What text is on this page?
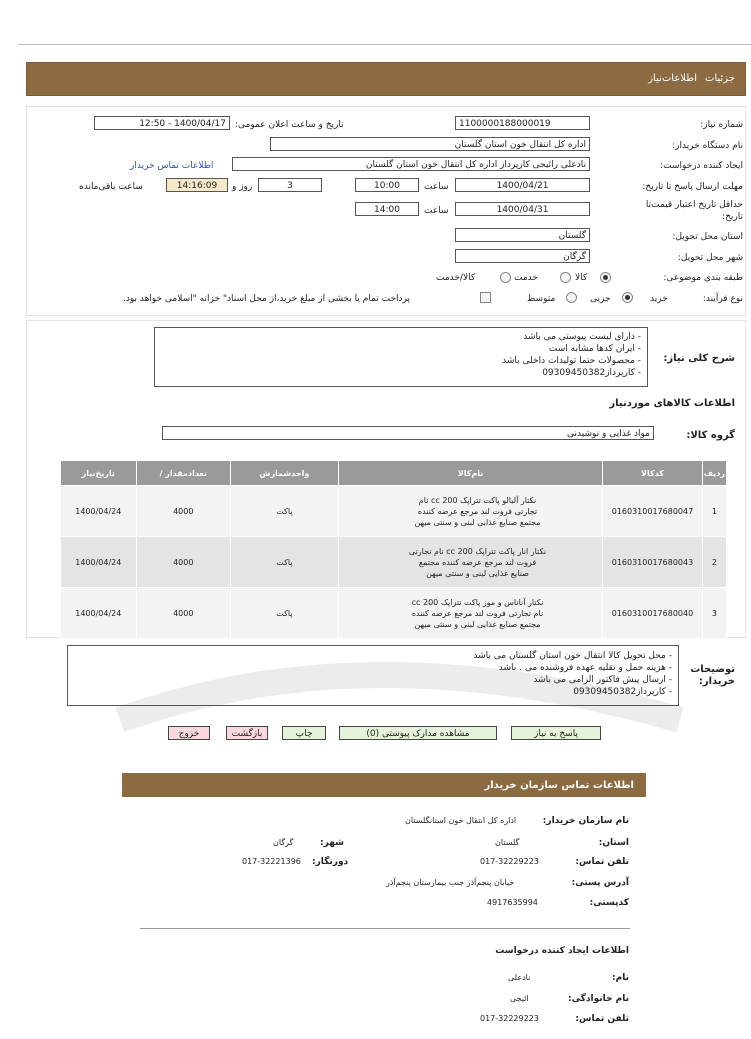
جزئیات
اطلاعات‌نیاز
شماره نیاز:
1100000188000019
تاریخ و ساعت اعلان عمومی:
1400/04/17 - 12:50
نام دستگاه خریدار:
اداره کل انتقال خون استان گلستان
ایجاد کننده درخواست:
نادعلی رائیجی کارپرداز اداره کل انتقال خون استان گلستان
اطلاعات تماس خریدار
مهلت ارسال پاسخ تا تاریخ:
1400/04/21
ساعت
10:00
3
روز و
14:16:09
ساعت باقی‌مانده
حداقل تاریخ اعتبار قیمت‌تا تاریخ:
1400/04/31
ساعت
14:00
استان محل تحویل:
گلستان
شهر محل تحویل:
گرگان
طبقه بندی موضوعی:
کالا
خدمت
کالا/خدمت
نوع فرآیند:
خرید
جزیی
متوسط
پرداخت تمام یا بخشی از مبلغ خرید،از محل اسناد" خزانه "اسلامی خواهد بود.
شرح کلی نیاز:
- دارای لیست پیوستی می باشد
- ایران کدها مشابه است
- محصولات حتما تولیدات داخلی باشد
- کارپرداز09309450382
اطلاعات کالاهای موردنیاز
گروه کالا:
مواد غذایی و نوشیدنی
ردیف	کدکالا	نام‌کالا	واحدشمارش	تعدادمقدار /	تاریخ‌نیاز
1	0160310017680047	نکتار آلبالو پاکت تتراپک 200 cc نام تجارتی فروت لند مرجع عرضه کننده مجتمع صنایع غذایی لبنی و سنتی میهن	پاکت	4000	1400/04/24
2	0160310017680043	نکتار انار پاکت تتراپک 200 cc نام تجارتی فروت لند مرجع عرضه کننده مجتمع صنایع غذایی لبنی و سنتی میهن	پاکت	4000	1400/04/24
3	0160310017680040	نکتار آناناس و موز پاکت تتراپک 200 cc نام تجارتی فروت لند مرجع عرضه کننده مجتمع صنایع غذایی لبنی و سنتی میهن	پاکت	4000	1400/04/24
توضیحات خریدار:
- محل تحویل کالا انتقال خون استان گلستان می باشد
- هزینه حمل و تقلیه عهده فروشنده می . باشد
- ارسال پیش فاکتور الزامی می باشد
- کارپرداز09309450382
پاسخ به نیاز
مشاهده مدارک پیوستی (0)
چاپ
بازگشت
خروج
اطلاعات تماس سازمان خریدار
نام سازمان خریدار:
اداره کل انتقال خون استانگلستان
استان:
گلستان
شهر:
گرگان
تلفن تماس:
017-32229223
دورنگار:
017-32221396
آدرس پستی:
خیابان پنجم‌آذر جنب بیمارستان پنجم‌آذر
کدپستی:
4917635994
اطلاعات ایجاد کننده درخواست
نام:
نادعلی
نام خانوادگی:
ائیجی
تلفن تماس:
017-32229223
